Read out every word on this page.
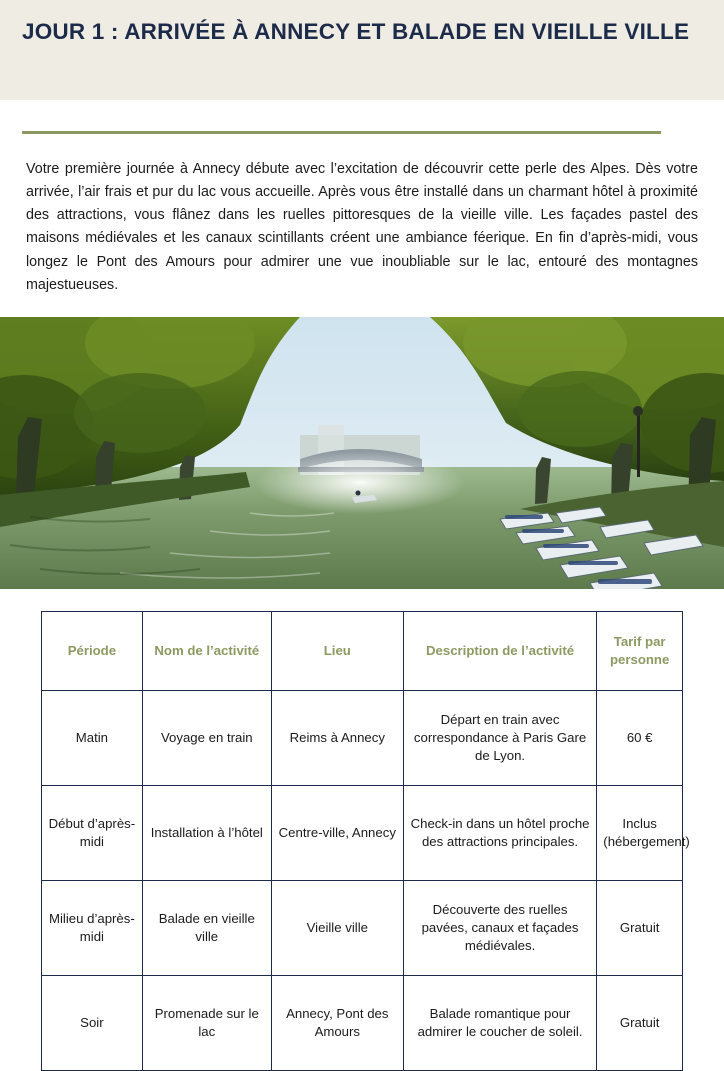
JOUR 1 : ARRIVÉE À ANNECY ET BALADE EN VIEILLE VILLE

Votre première journée à Annecy débute avec l’excitation de découvrir cette perle des Alpes. Dès votre arrivée, l’air frais et pur du lac vous accueille. Après vous être installé dans un charmant hôtel à proximité des attractions, vous flânez dans les ruelles pittoresques de la vieille ville. Les façades pastel des maisons médiévales et les canaux scintillants créent une ambiance féerique. En fin d’après-midi, vous longez le Pont des Amours pour admirer une vue inoubliable sur le lac, entouré des montagnes majestueuses.

Période	Nom de l’activité	Lieu	Description de l’activité	Tarif par personne
Matin	Voyage en train	Reims à Annecy	Départ en train avec correspondance à Paris Gare de Lyon.	60 €
Début d’après-midi	Installation à l’hôtel	Centre-ville, Annecy	Check-in dans un hôtel proche des attractions principales.	Inclus (hébergement)
Milieu d’après-midi	Balade en vieille ville	Vieille ville	Découverte des ruelles pavées, canaux et façades médiévales.	Gratuit
Soir	Promenade sur le lac	Annecy, Pont des Amours	Balade romantique pour admirer le coucher de soleil.	Gratuit
